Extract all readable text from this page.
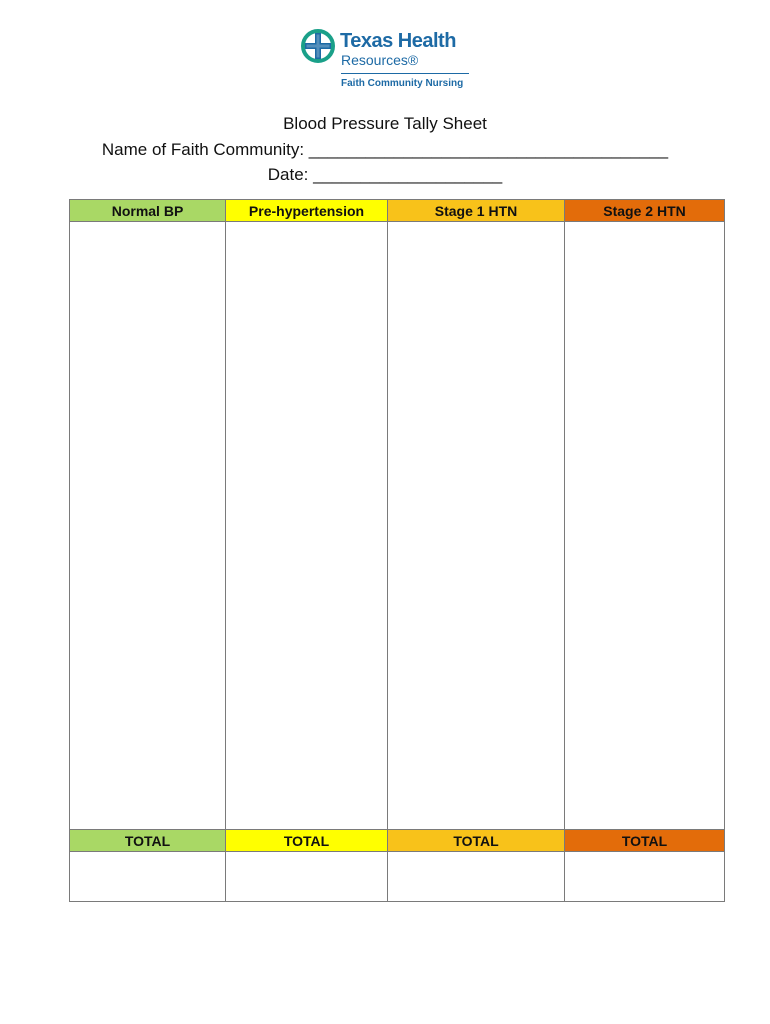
Texas Health
Resources®
Faith Community Nursing
Blood Pressure Tally Sheet
Name of Faith Community: ______________________________________
Date: ____________________
Normal BP
TOTAL
Pre-hypertension
TOTAL
Stage 1 HTN
TOTAL
Stage 2 HTN
TOTAL
